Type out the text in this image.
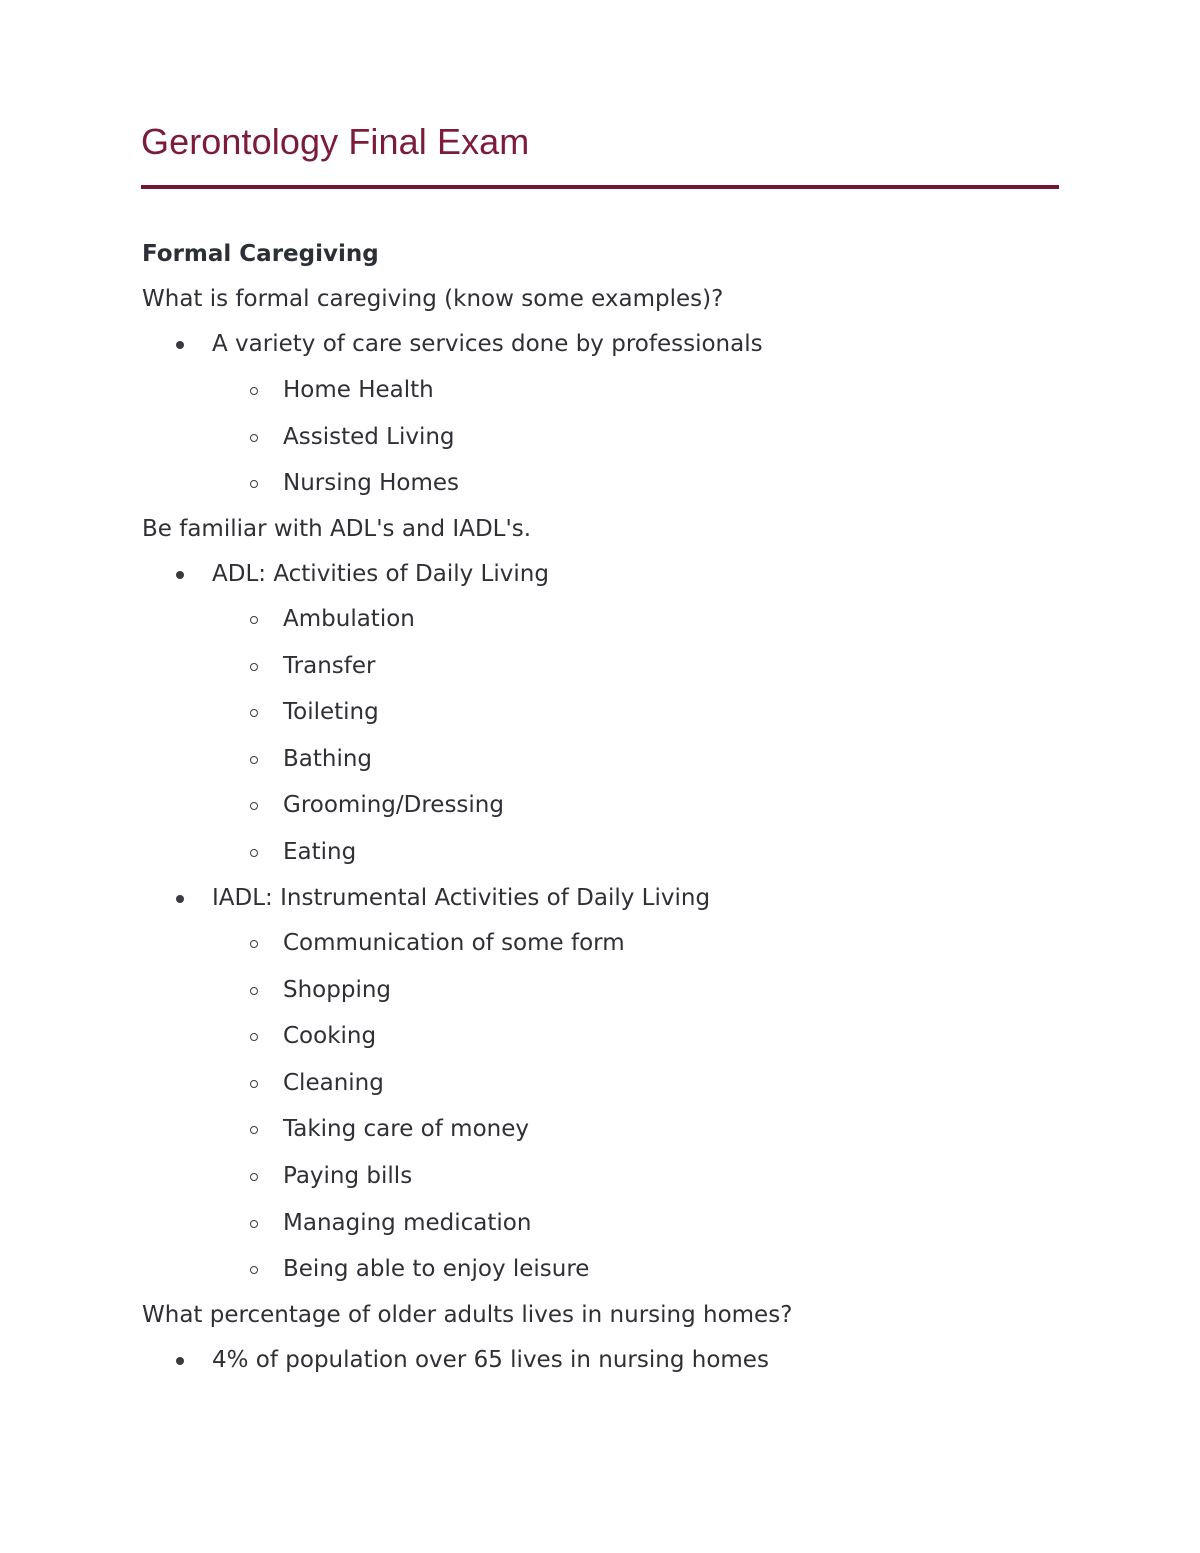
Gerontology Final Exam
Formal Caregiving
What is formal caregiving (know some examples)?
A variety of care services done by professionals
Home Health
Assisted Living
Nursing Homes
Be familiar with ADL's and IADL's.
ADL: Activities of Daily Living
Ambulation
Transfer
Toileting
Bathing
Grooming/Dressing
Eating
IADL: Instrumental Activities of Daily Living
Communication of some form
Shopping
Cooking
Cleaning
Taking care of money
Paying bills
Managing medication
Being able to enjoy leisure
What percentage of older adults lives in nursing homes?
4% of population over 65 lives in nursing homes
